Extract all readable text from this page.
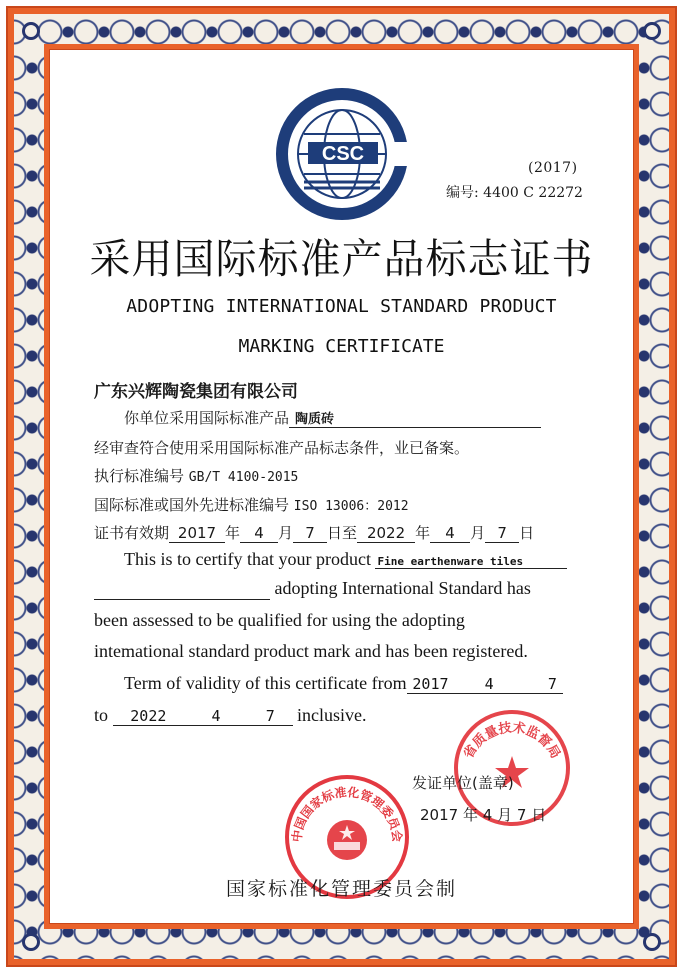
CSC
(2017)
编号: 4400 C 22272
采用国际标准产品标志证书
ADOPTING INTERNATIONAL STANDARD PRODUCT
MARKING CERTIFICATE
广东兴辉陶瓷集团有限公司
你单位采用国际标准产品 陶质砖
经审查符合使用采用国际标准产品标志条件，业已备案。
执行标准编号 GB/T 4100-2015
国际标准或国外先进标准编号 ISO 13006：2012
证书有效期 2017 年 4 月 7 日至 2022 年 4 月 7 日
This is to certify that your product Fine earthenware tiles
adopting International Standard has
been assessed to be qualified for using the adopting
intemational standard product mark and has been registered.
Term of validity of this certificate from 2017    4      7
to 2022     4     7 inclusive.
省质量技术监督局
中国国家标准化管理委员会
发证单位(盖章)
2017 年 4 月 7 日
国家标准化管理委员会制
